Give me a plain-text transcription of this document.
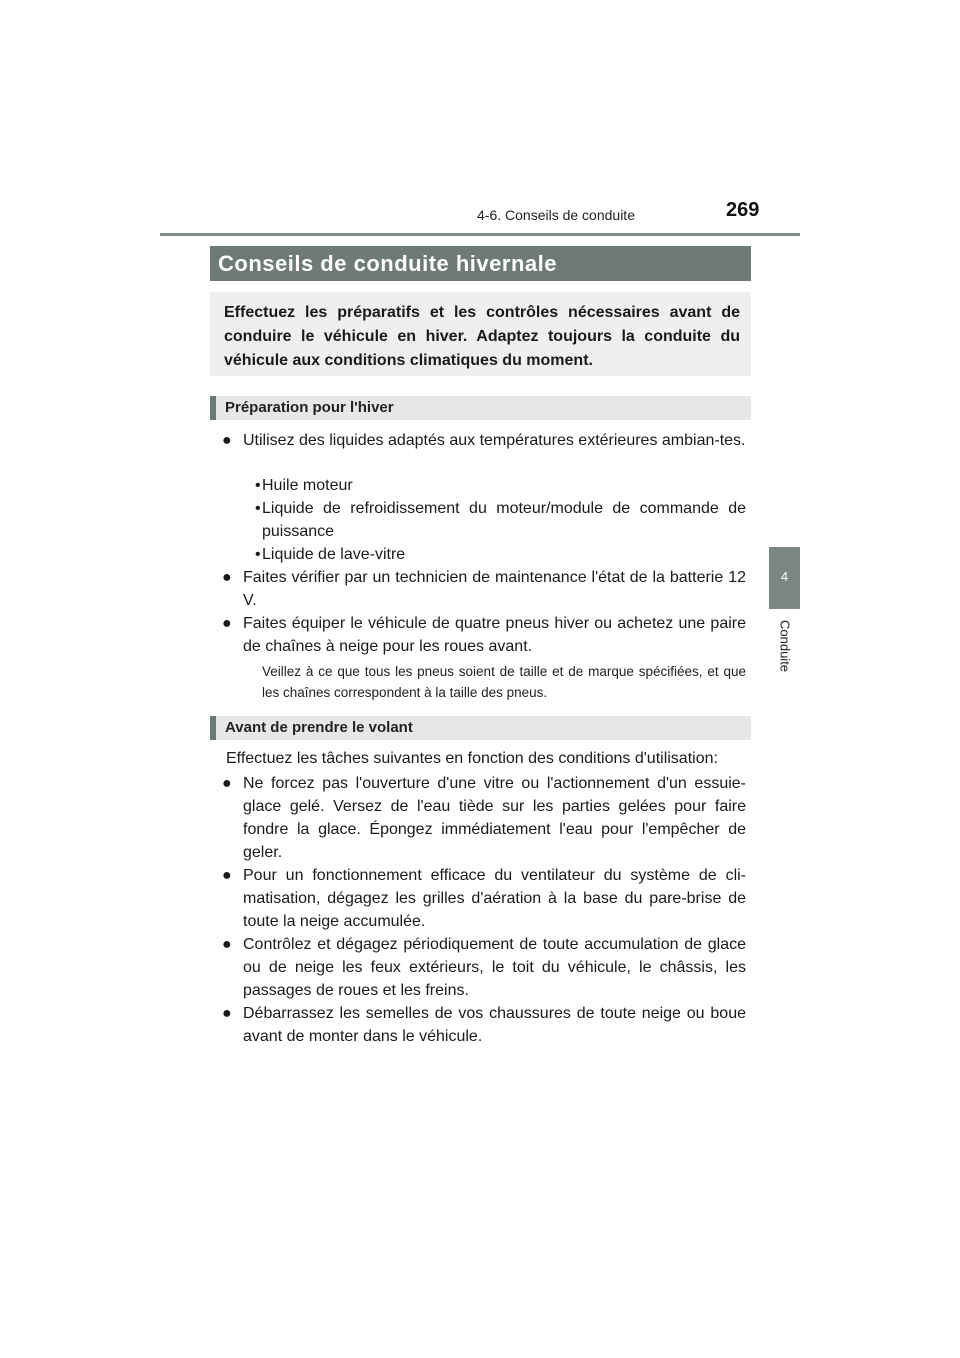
4-6. Conseils de conduite	269
4
Conduite
Conseils de conduite hivernale
Effectuez les préparatifs et les contrôles nécessaires avant de conduire le véhicule en hiver. Adaptez toujours la conduite du véhicule aux conditions climatiques du moment.
Préparation pour l'hiver
● Utilisez des liquides adaptés aux températures extérieures ambian-tes.
• Huile moteur
• Liquide de refroidissement du moteur/module de commande de puissance
• Liquide de lave-vitre
● Faites vérifier par un technicien de maintenance l'état de la batterie 12 V.
● Faites équiper le véhicule de quatre pneus hiver ou achetez une paire de chaînes à neige pour les roues avant.
Veillez à ce que tous les pneus soient de taille et de marque spécifiées, et que les chaînes correspondent à la taille des pneus.
Avant de prendre le volant
Effectuez les tâches suivantes en fonction des conditions d'utilisation:
● Ne forcez pas l'ouverture d'une vitre ou l'actionnement d'un essuie-glace gelé. Versez de l'eau tiède sur les parties gelées pour faire fondre la glace. Épongez immédiatement l'eau pour l'empêcher de geler.
● Pour un fonctionnement efficace du ventilateur du système de cli-matisation, dégagez les grilles d'aération à la base du pare-brise de toute la neige accumulée.
● Contrôlez et dégagez périodiquement de toute accumulation de glace ou de neige les feux extérieurs, le toit du véhicule, le châssis, les passages de roues et les freins.
● Débarrassez les semelles de vos chaussures de toute neige ou boue avant de monter dans le véhicule.
